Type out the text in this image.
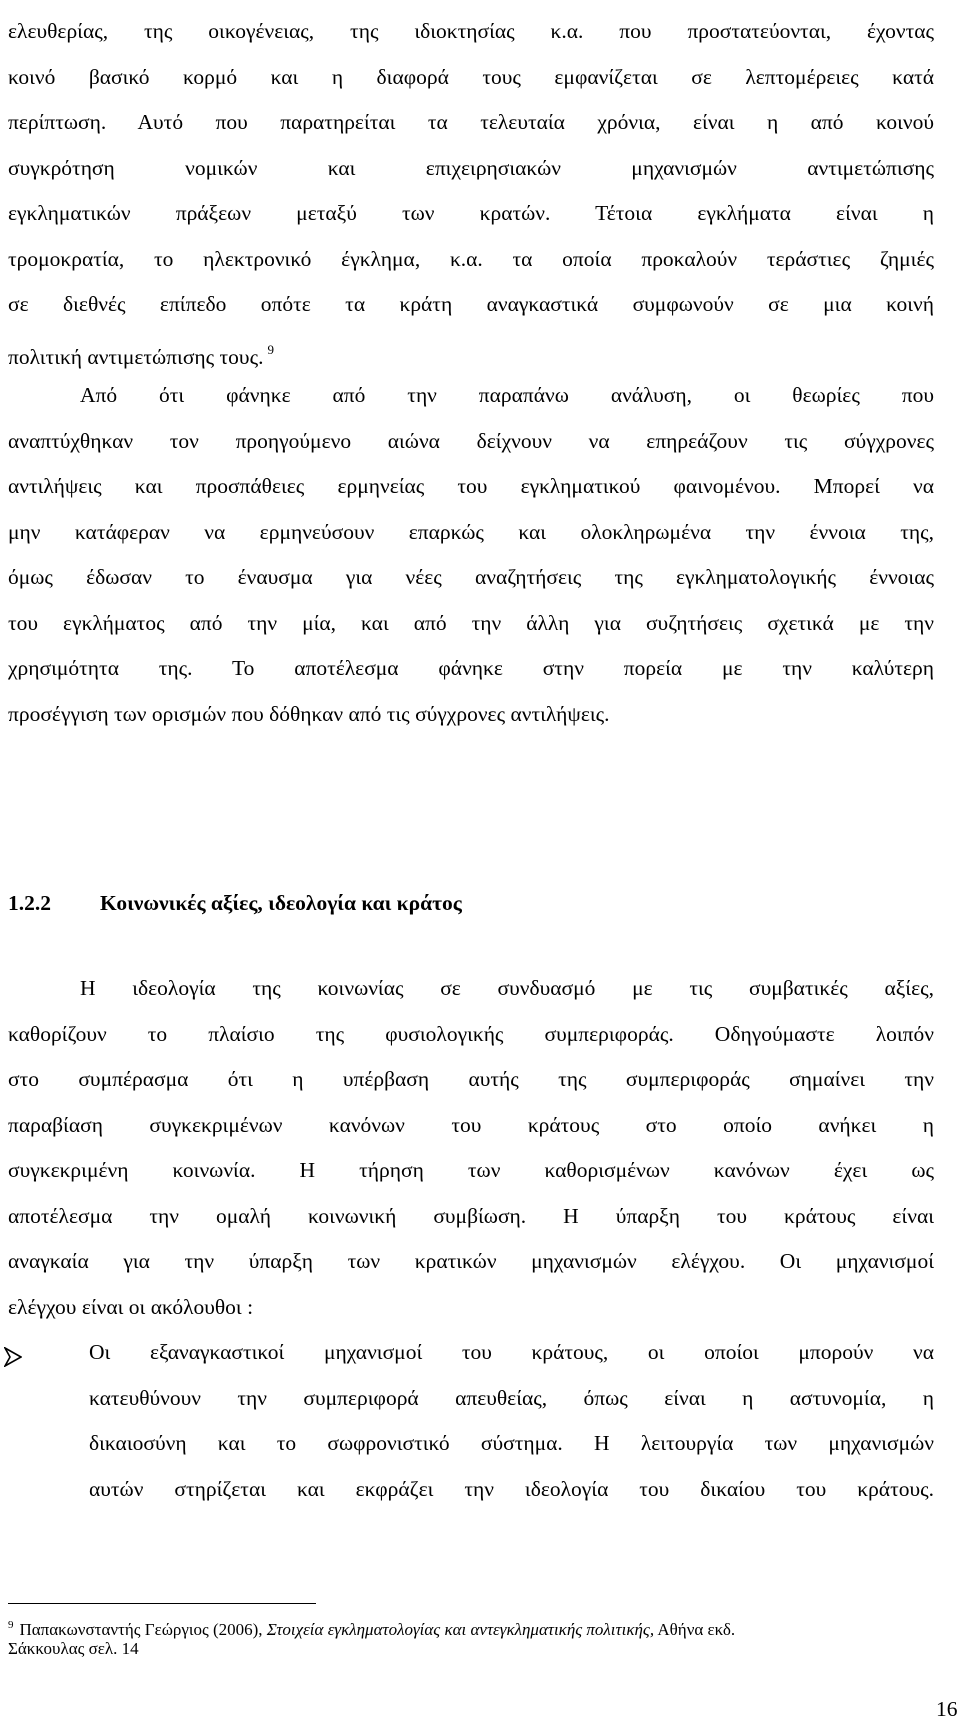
ελευθερίας, της οικογένειας, της ιδιοκτησίας κ.α. που προστατεύονται, έχοντας
κοινό βασικό κορμό και η διαφορά τους εμφανίζεται σε λεπτομέρειες κατά
περίπτωση. Αυτό που παρατηρείται τα τελευταία χρόνια, είναι η από κοινού
συγκρότηση νομικών και επιχειρησιακών μηχανισμών αντιμετώπισης
εγκληματικών πράξεων μεταξύ των κρατών. Τέτοια εγκλήματα είναι η
τρομοκρατία, το ηλεκτρονικό έγκλημα, κ.α. τα οποία προκαλούν τεράστιες ζημιές
σε διεθνές επίπεδο οπότε τα κράτη αναγκαστικά συμφωνούν σε μια κοινή
πολιτική αντιμετώπισης τους. $^9$
Από ότι φάνηκε από την παραπάνω ανάλυση, οι θεωρίες που
αναπτύχθηκαν τον προηγούμενο αιώνα δείχνουν να επηρεάζουν τις σύγχρονες
αντιλήψεις και προσπάθειες ερμηνείας του εγκληματικού φαινομένου. Μπορεί να
μην κατάφεραν να ερμηνεύσουν επαρκώς και ολοκληρωμένα την έννοια της,
όμως έδωσαν το έναυσμα για νέες αναζητήσεις της εγκληματολογικής έννοιας
του εγκλήματος από την μία, και από την άλλη για συζητήσεις σχετικά με την
χρησιμότητα της. Το αποτέλεσμα φάνηκε στην πορεία με την καλύτερη
προσέγγιση των ορισμών που δόθηκαν από τις σύγχρονες αντιλήψεις.
1.2.2 Κοινωνικές αξίες, ιδεολογία και κράτος
Η ιδεολογία της κοινωνίας σε συνδυασμό με τις συμβατικές αξίες,
καθορίζουν το πλαίσιο της φυσιολογικής συμπεριφοράς. Οδηγούμαστε λοιπόν
στο συμπέρασμα ότι η υπέρβαση αυτής της συμπεριφοράς σημαίνει την
παραβίαση συγκεκριμένων κανόνων του κράτους στο οποίο ανήκει η
συγκεκριμένη κοινωνία. Η τήρηση των καθορισμένων κανόνων έχει ως
αποτέλεσμα την ομαλή κοινωνική συμβίωση. Η ύπαρξη του κράτους είναι
αναγκαία για την ύπαρξη των κρατικών μηχανισμών ελέγχου. Οι μηχανισμοί
ελέγχου είναι οι ακόλουθοι :
Οι εξαναγκαστικοί μηχανισμοί του κράτους, οι οποίοι μπορούν να
κατευθύνουν την συμπεριφορά απευθείας, όπως είναι η αστυνομία, η
δικαιοσύνη και το σωφρονιστικό σύστημα. Η λειτουργία των μηχανισμών
αυτών στηρίζεται και εκφράζει την ιδεολογία του δικαίου του κράτους.
$^9$ Παπακωνσταντής Γεώργιος (2006), Στοιχεία εγκληματολογίας και αντεγκληματικής πολιτικής, Αθήνα εκδ.
Σάκκουλας σελ. 14
16
